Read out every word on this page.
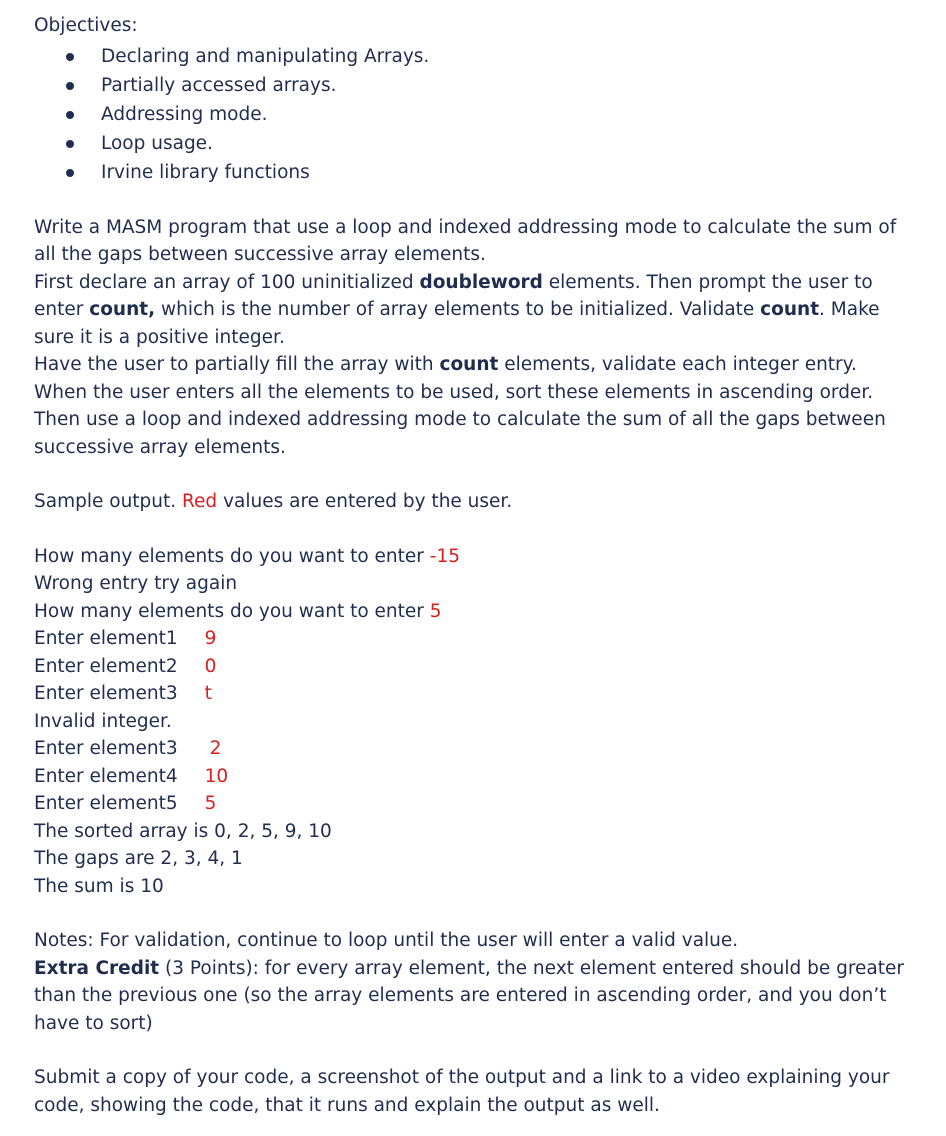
Objectives:
Declaring and manipulating Arrays.
Partially accessed arrays.
Addressing mode.
Loop usage.
Irvine library functions
Write a MASM program that use a loop and indexed addressing mode to calculate the sum of all the gaps between successive array elements.
First declare an array of 100 uninitialized doubleword elements. Then prompt the user to enter count, which is the number of array elements to be initialized. Validate count. Make sure it is a positive integer.
Have the user to partially fill the array with count elements, validate each integer entry.
When the user enters all the elements to be used, sort these elements in ascending order.
Then use a loop and indexed addressing mode to calculate the sum of all the gaps between successive array elements.
Sample output. Red values are entered by the user.
How many elements do you want to enter -15
Wrong entry try again
How many elements do you want to enter 5
Enter element1 9
Enter element2 0
Enter element3 t
Invalid integer.
Enter element3 2
Enter element4 10
Enter element5 5
The sorted array is 0, 2, 5, 9, 10
The gaps are 2, 3, 4, 1
The sum is 10
Notes: For validation, continue to loop until the user will enter a valid value.
Extra Credit (3 Points): for every array element, the next element entered should be greater than the previous one (so the array elements are entered in ascending order, and you don’t have to sort)
Submit a copy of your code, a screenshot of the output and a link to a video explaining your code, showing the code, that it runs and explain the output as well.
